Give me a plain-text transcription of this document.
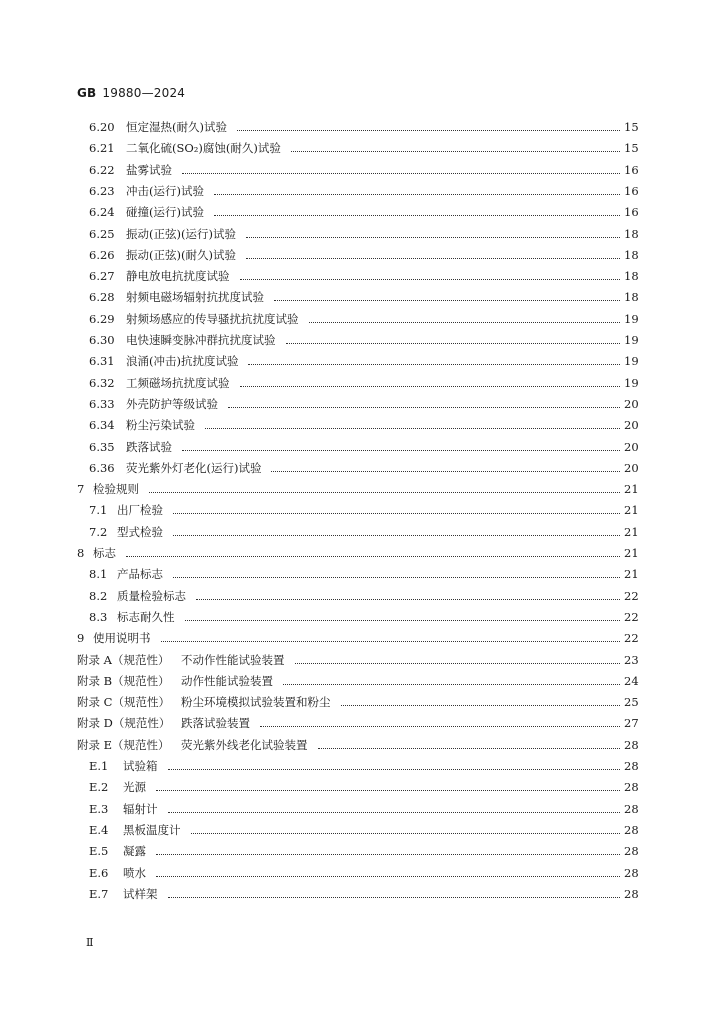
GB 19880—2024
6.20 恒定湿热(耐久)试验	15
6.21 二氧化硫(SO₂)腐蚀(耐久)试验	15
6.22 盐雾试验	16
6.23 冲击(运行)试验	16
6.24 碰撞(运行)试验	16
6.25 振动(正弦)(运行)试验	18
6.26 振动(正弦)(耐久)试验	18
6.27 静电放电抗扰度试验	18
6.28 射频电磁场辐射抗扰度试验	18
6.29 射频场感应的传导骚扰抗扰度试验	19
6.30 电快速瞬变脉冲群抗扰度试验	19
6.31 浪涌(冲击)抗扰度试验	19
6.32 工频磁场抗扰度试验	19
6.33 外壳防护等级试验	20
6.34 粉尘污染试验	20
6.35 跌落试验	20
6.36 荧光紫外灯老化(运行)试验	20
7 检验规则	21
7.1 出厂检验	21
7.2 型式检验	21
8 标志	21
8.1 产品标志	21
8.2 质量检验标志	22
8.3 标志耐久性	22
9 使用说明书	22
附录 A（规范性）	不动作性能试验装置	23
附录 B（规范性） 动作性能试验装置	24
附录 C（规范性） 粉尘环境模拟试验装置和粉尘	25
附录 D（规范性） 跌落试验装置	27
附录 E（规范性） 荧光紫外线老化试验装置	28
E.1	试验箱	28
E.2	光源	28
E.3	辐射计	28
E.4	黑板温度计	28
E.5	凝露	28
E.6	喷水	28
E.7	试样架	28
Ⅱ
